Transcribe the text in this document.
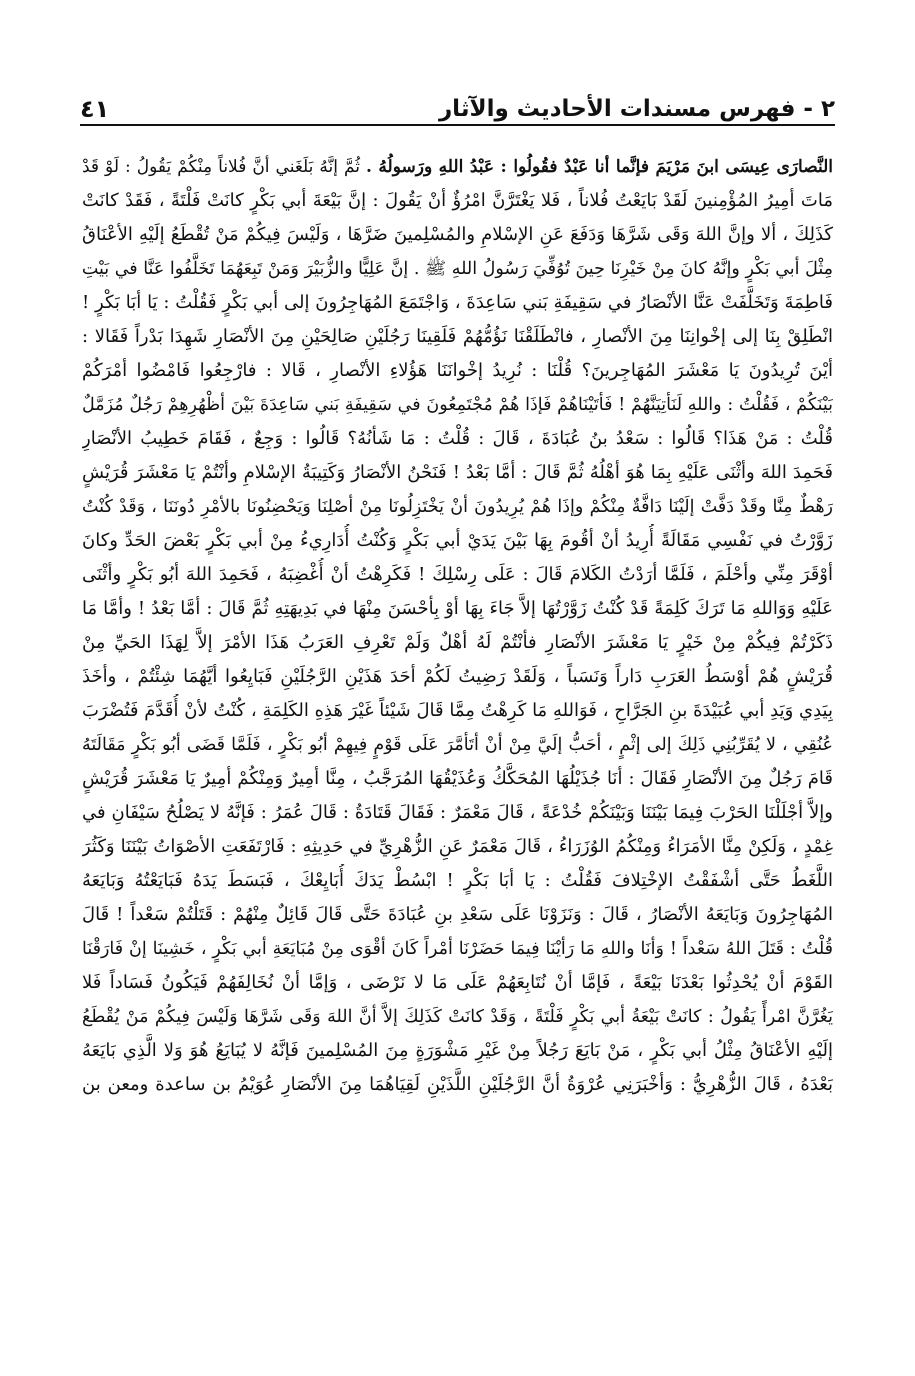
٢ - فهرس مسندات الأحاديث والآثار
٤١
النَّصارَى عِيسَى ابنَ مَرْيَمَ فإنَّما أنا عَبْدٌ فقُولُوا : عَبْدُ اللهِ ورَسولُهُ . ثُمَّ إنَّهُ بَلَغَني أنَّ فُلاناً مِنْكُمْ يَقُولُ : لَوْ قَدْ
مَاتَ أمِيرُ المُؤْمِنينَ لَقَدْ بَايَعْتُ فُلاناً ، فَلا يَغْتَرَّنَّ امْرُؤٌ أنْ يَقُولَ : إنَّ بَيْعَةَ أبي بَكْرٍ كانَتْ فَلْتَةً ، فَقَدْ كانَتْ
كَذَلِكَ ، ألا وإنَّ اللهَ وَقَى شَرَّهَا وَدَفَعَ عَنِ الإسْلامِ والمُسْلِمينَ ضَرَّهَا ، وَلَيْسَ فِيكُمْ مَنْ تُقْطَعُ إلَيْهِ الأعْنَاقُ
مِثْلَ أبي بَكْرٍ وإنَّهُ كانَ مِنْ خَيْرِنَا حِينَ تُوُفِّيَ رَسُولُ اللهِ ﷺ . إنَّ عَلِيًّا والزُّبَيْرَ وَمَنْ تَبِعَهُمَا تَخَلَّفُوا عَنَّا في بَيْتِ
فَاطِمَةَ وَتَخَلَّفَتْ عَنَّا الأنْصَارُ في سَقِيفَةِ بَني سَاعِدَةَ ، وَاجْتَمَعَ المُهَاجِرُونَ إلى أبي بَكْرٍ فَقُلْتُ : يَا أبَا بَكْرٍ !
انْطَلِقْ بِنَا إلى إخْوانِنَا مِنَ الأنْصارِ ، فانْطَلَقْنَا نَؤُمُّهُمْ فَلَقِينَا رَجُلَيْنِ صَالِحَيْنِ مِنَ الأنْصَارِ شَهِدَا بَدْراً فَقَالا :
أيْنَ تُرِيدُونَ يَا مَعْشَرَ المُهَاجِرينَ؟ قُلْنَا : نُرِيدُ إخْوانَنَا هَؤُلاءِ الأنْصارِ ، قَالا : فارْجِعُوا فَامْضُوا أمْرَكُمْ
بَيْنَكُمْ ، فَقُلْتُ : واللهِ لَنَأتِيَنَّهُمْ ! فَأتَيْنَاهُمْ فَإذَا هُمْ مُجْتَمِعُونَ في سَقِيفَةِ بَني سَاعِدَةَ بَيْنَ أظْهُرِهِمْ رَجُلٌ مُزَمَّلٌ
قُلْتُ : مَنْ هَذَا؟ قَالُوا : سَعْدُ بنُ عُبَادَةَ ، قَالَ : قُلْتُ : مَا شَأنُهُ؟ قَالُوا : وَجِعٌ ، فَقَامَ خَطِيبُ الأنْصَارِ
فَحَمِدَ اللهَ وأثْنَى عَلَيْهِ بِمَا هُوَ أهْلُهُ ثُمَّ قَالَ : أمَّا بَعْدُ ! فَنَحْنُ الأنْصَارُ وَكَتِيبَةُ الإسْلامِ وأنْتُمْ يَا مَعْشَرَ قُرَيْشٍ
رَهْطٌ مِنَّا وقَدْ دَفَّتْ إلَيْنَا دَافَّةٌ مِنْكُمْ وإذَا هُمْ يُرِيدُونَ أنْ يَخْتَزِلُونَا مِنْ أصْلِنَا وَيَحْضِنُونَا بالأمْرِ دُونَنَا ، وَقَدْ كُنْتُ
زَوَّرْتُ في نَفْسِي مَقَالَةً أُرِيدُ أنْ أقُومَ بِهَا بَيْنَ يَدَيْ أبي بَكْرٍ وَكُنْتُ أُدَارِيءُ مِنْ أبي بَكْرٍ بَعْضَ الحَدِّ وكانَ
أوْقَرَ مِنِّي وأحْلَمَ ، فَلَمَّا أرَدْتُ الكَلامَ قَالَ : عَلَى رِسْلِكَ ! فَكَرِهْتُ أنْ أُغْضِبَهُ ، فَحَمِدَ اللهَ أبُو بَكْرٍ وأثْنَى
عَلَيْهِ وَوَاللهِ مَا تَرَكَ كَلِمَةً قَدْ كُنْتُ زَوَّرْتُهَا إلاَّ جَاءَ بِهَا أوْ بِأحْسَنَ مِنْهَا في بَدِيهَتِهِ ثُمَّ قَالَ : أمَّا بَعْدُ ! وأمَّا مَا
ذَكَرْتُمْ فِيكُمْ مِنْ خَيْرٍ يَا مَعْشَرَ الأنْصَارِ فأنْتُمْ لَهُ أهْلٌ وَلَمْ تَعْرِفِ العَرَبُ هَذَا الأمْرَ إلاَّ لِهَذَا الحَيِّ مِنْ
قُرَيْشٍ هُمْ أوْسَطُ العَرَبِ دَاراً وَنَسَباً ، وَلَقَدْ رَضِيتُ لَكُمْ أحَدَ هَذَيْنِ الرَّجُلَيْنِ فَبَايِعُوا أيَّهُمَا شِئْتُمْ ، وأخَذَ
بِيَدِي وَيَدِ أبي عُبَيْدَةَ بنِ الجَرَّاحِ ، فَوَاللهِ مَا كَرِهْتُ مِمَّا قَالَ شَيْئاً غَيْرَ هَذِهِ الكَلِمَةِ ، كُنْتُ لأنْ أُقَدَّمَ فَتُضْرَبَ
عُنُقِي ، لا يُقَرِّبُنِي ذَلِكَ إلى إثْمٍ ، أحَبُّ إلَيَّ مِنْ أنْ أتَأمَّرَ عَلَى قَوْمٍ فِيهِمْ أبُو بَكْرٍ ، فَلَمَّا قَضَى أبُو بَكْرٍ مَقَالَتَهُ
قَامَ رَجُلٌ مِنَ الأنْصَارِ فَقَالَ : أنَا جُذَيْلُهَا المُحَكَّكُ وَعُذَيْقُهَا المُرَجَّبُ ، مِنَّا أمِيرٌ وَمِنْكُمْ أمِيرٌ يَا مَعْشَرَ قُرَيْشٍ
وإلاَّ أجْلَلْنَا الحَرْبَ فِيمَا بَيْنَنَا وَبَيْنَكُمْ خُدْعَةً ، قَالَ مَعْمَرٌ : فَقَالَ قَتَادَةُ : قَالَ عُمَرُ : فَإنَّهُ لا يَصْلُحُ سَيْفَانِ في
غِمْدٍ ، وَلَكِنْ مِنَّا الأمَرَاءُ وَمِنْكُمُ الوُزَرَاءُ ، قَالَ مَعْمَرٌ عَنِ الزُّهْرِيِّ في حَدِيثِهِ : فَارْتَفَعَتِ الأصْوَاتُ بَيْنَنَا وَكَثُرَ
اللَّغَطُ حَتَّى أشْفَقْتُ الإخْتِلافَ فَقُلْتُ : يَا أبَا بَكْرٍ ! ابْسُطْ يَدَكَ أُبَايِعْكَ ، فَبَسَطَ يَدَهُ فَبَايَعْتُهُ وَبَايَعَهُ
المُهَاجِرُونَ وَبَايَعَهُ الأنْصَارُ ، قَالَ : وَنَزَوْنَا عَلَى سَعْدِ بنِ عُبَادَةَ حَتَّى قَالَ قَائِلٌ مِنْهُمْ : قَتَلْتُمْ سَعْداً ! قَالَ
قُلْتُ : قَتَلَ اللهُ سَعْداً ! وَأنَا واللهِ مَا رَأيْنَا فِيمَا حَضَرْنَا أمْراً كَانَ أقْوَى مِنْ مُبَايَعَةِ أبي بَكْرٍ ، خَشِينَا إنْ فَارَقْنَا
القَوْمَ أنْ يُحْدِثُوا بَعْدَنَا بَيْعَةً ، فَإمَّا أنْ نُتَابِعَهُمْ عَلَى مَا لا نَرْضَى ، وَإمَّا أنْ نُخَالِفَهُمْ فَيَكُونُ فَسَاداً فَلا
يَغُرَّنَّ امْرأً يَقُولُ : كانَتْ بَيْعَةُ أبي بَكْرٍ فَلْتَةً ، وَقَدْ كانَتْ كَذَلِكَ إلاَّ أنَّ اللهَ وَقَى شَرَّهَا وَلَيْسَ فِيكُمْ مَنْ يُقْطَعُ
إلَيْهِ الأعْنَاقُ مِثْلُ أبي بَكْرٍ ، مَنْ بَايَعَ رَجُلاً مِنْ غَيْرِ مَشْوَرَةٍ مِنَ المُسْلِمينَ فَإنَّهُ لا يُبَايَعُ هُوَ وَلا الَّذِي بَايَعَهُ
بَعْدَهُ ، قَالَ الزُّهْرِيُّ : وَأخْبَرَنِي عُرْوَةُ أنَّ الرَّجُلَيْنِ اللَّذَيْنِ لَقِيَاهُمَا مِنَ الأنْصَارِ عُوَيْمُ بن ساعدة ومعن بن
